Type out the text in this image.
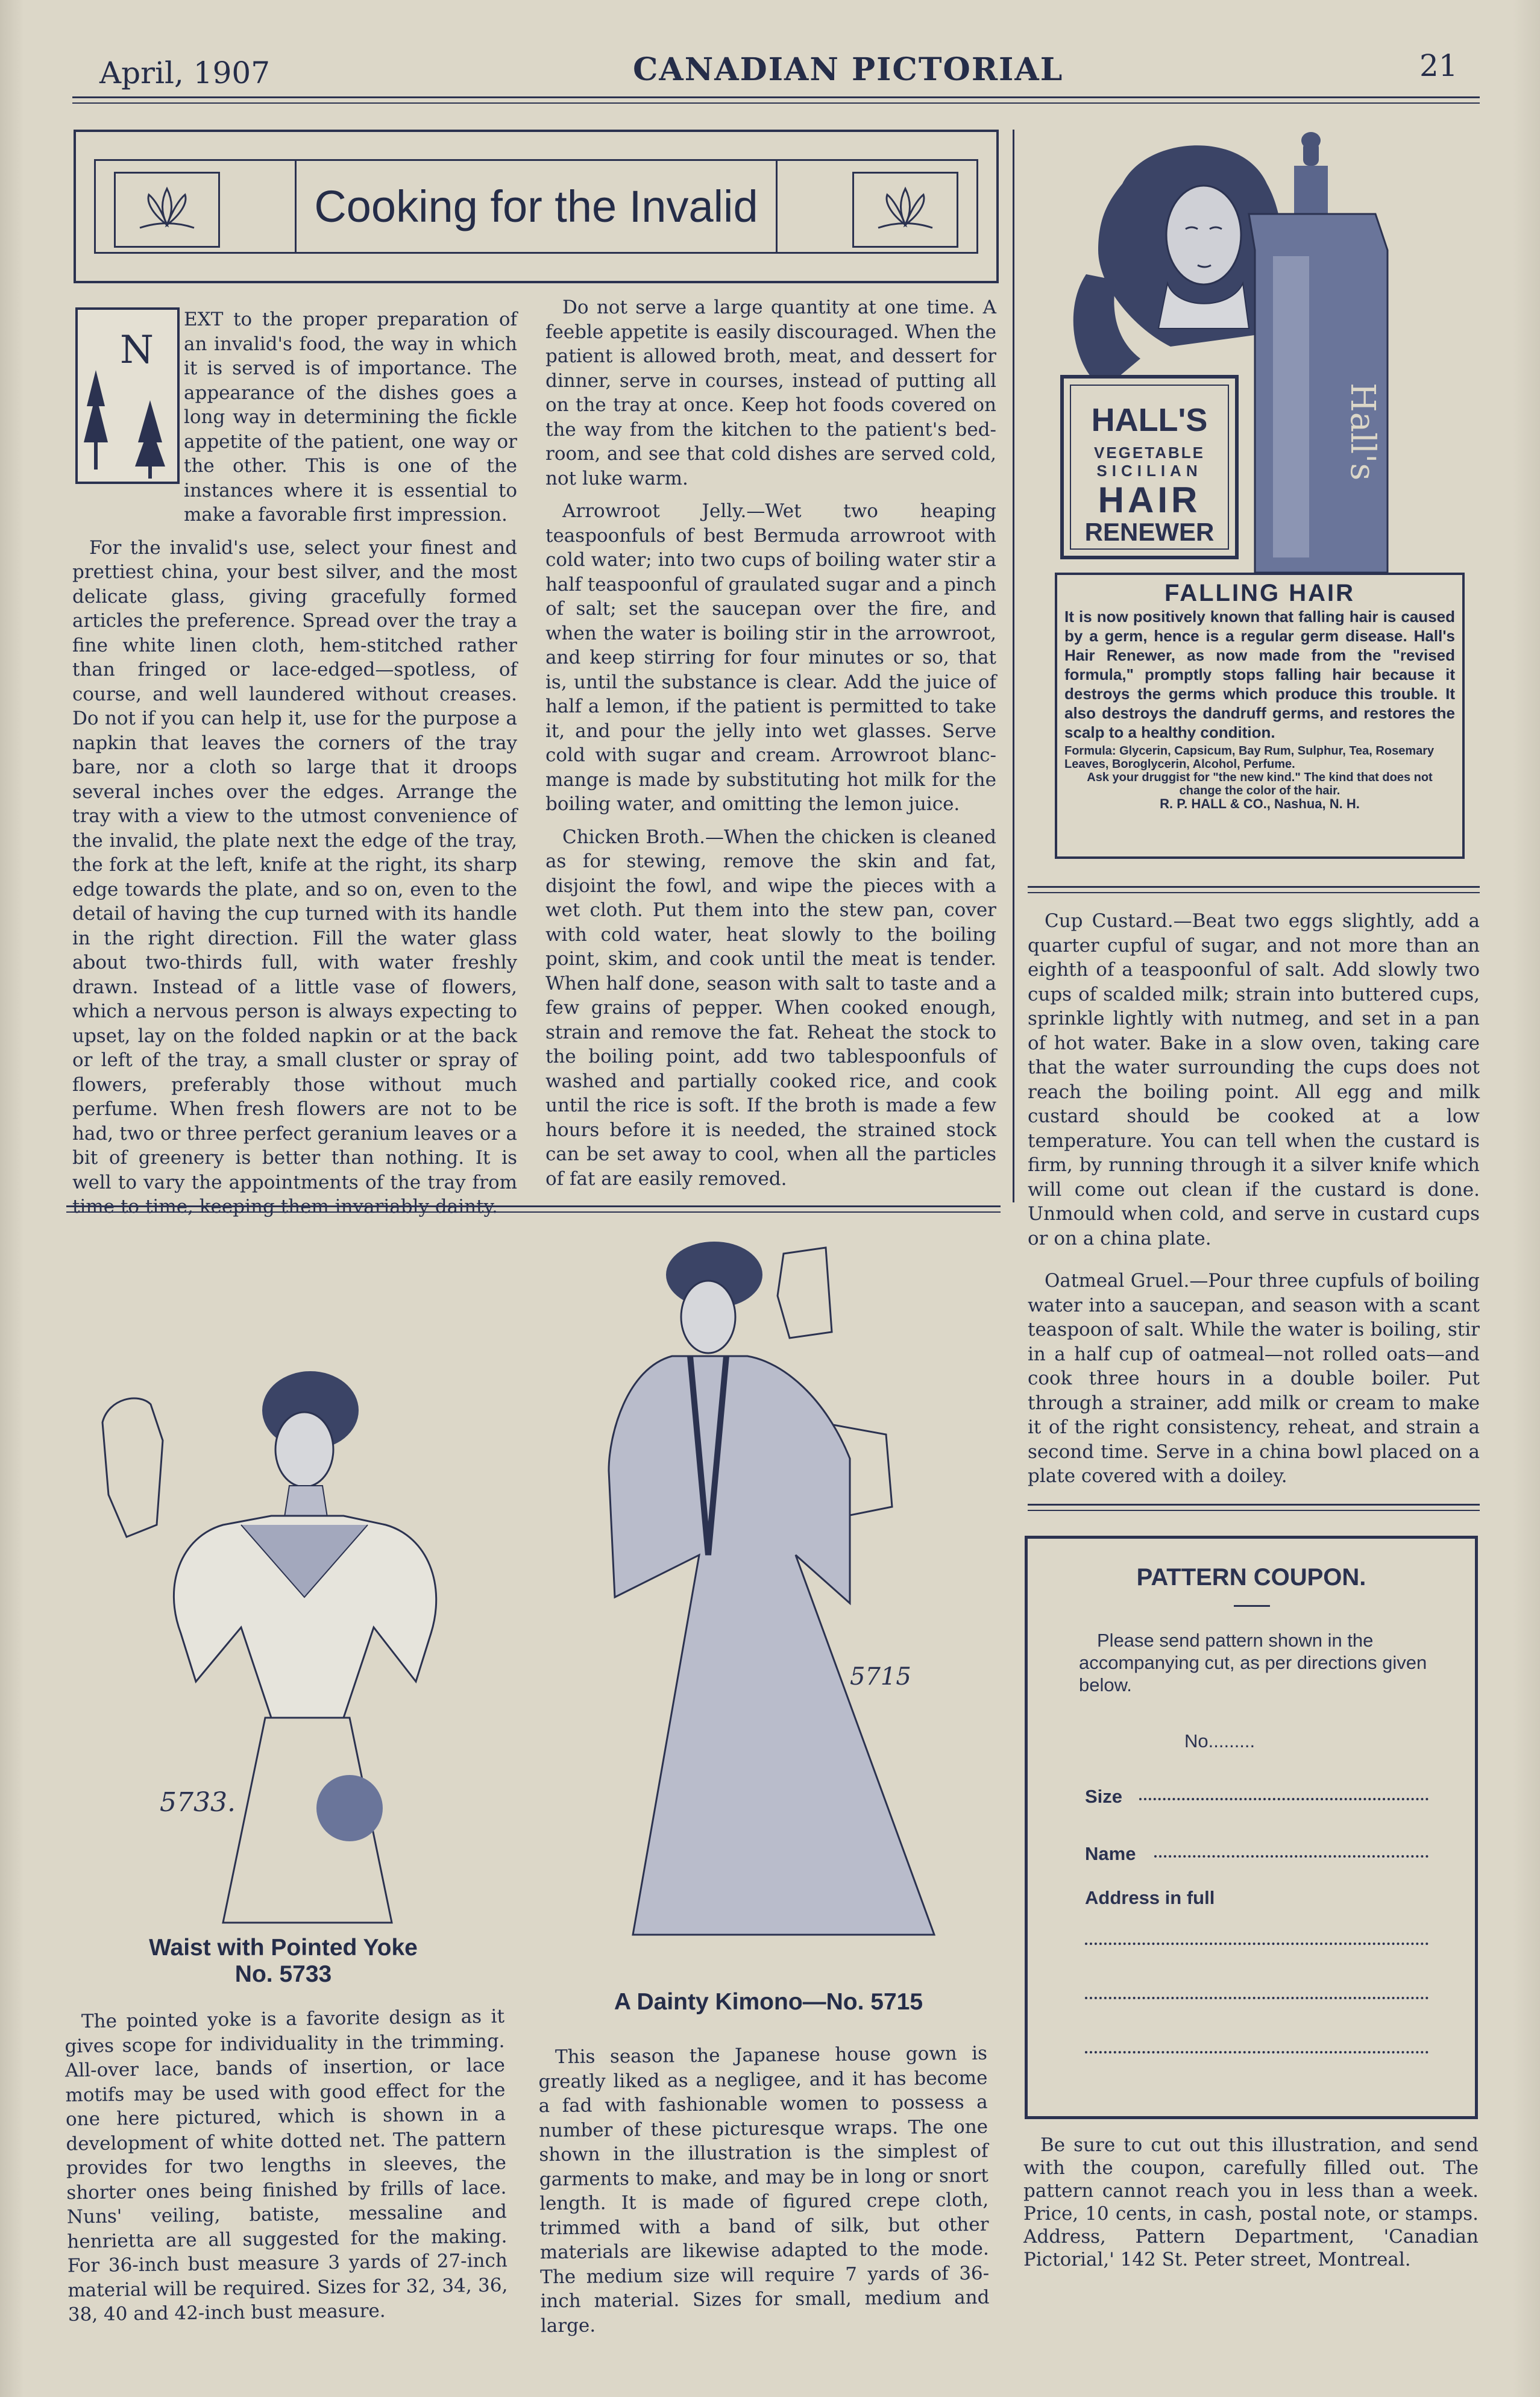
April, 1907	CANADIAN PICTORIAL	21
Cooking for the Invalid
N

EXT to the proper preparation of an invalid's food, the way in which it is served is of importance. The appearance of the dishes goes a long way in determining the fickle appetite of the patient, one way or the other. This is one of the instances where it is essential to make a favorable first impression.

For the invalid's use, select your finest and prettiest china, your best silver, and the most delicate glass, giving gracefully formed articles the preference. Spread over the tray a fine white linen cloth, hem-stitched rather than fringed or lace-edged—spotless, of course, and well laundered without creases. Do not if you can help it, use for the purpose a napkin that leaves the corners of the tray bare, nor a cloth so large that it droops several inches over the edges. Arrange the tray with a view to the utmost convenience of the invalid, the plate next the edge of the tray, the fork at the left, knife at the right, its sharp edge towards the plate, and so on, even to the detail of having the cup turned with its handle in the right direction. Fill the water glass about two-thirds full, with water freshly drawn. Instead of a little vase of flowers, which a nervous person is always expecting to upset, lay on the folded napkin or at the back or left of the tray, a small cluster or spray of flowers, preferably those without much perfume. When fresh flowers are not to be had, two or three perfect geranium leaves or a bit of greenery is better than nothing. It is well to vary the appointments of the tray from time to time, keeping them invariably dainty.

Do not serve a large quantity at one time. A feeble appetite is easily discouraged. When the patient is allowed broth, meat, and dessert for dinner, serve in courses, instead of putting all on the tray at once. Keep hot foods covered on the way from the kitchen to the patient's bed-room, and see that cold dishes are served cold, not luke warm.

Arrowroot Jelly.—Wet two heaping teaspoonfuls of best Bermuda arrowroot with cold water; into two cups of boiling water stir a half teaspoonful of graulated sugar and a pinch of salt; set the saucepan over the fire, and when the water is boiling stir in the arrowroot, and keep stirring for four minutes or so, that is, until the substance is clear. Add the juice of half a lemon, if the patient is permitted to take it, and pour the jelly into wet glasses. Serve cold with sugar and cream. Arrowroot blanc-mange is made by substituting hot milk for the boiling water, and omitting the lemon juice.

Chicken Broth.—When the chicken is cleaned as for stewing, remove the skin and fat, disjoint the fowl, and wipe the pieces with a wet cloth. Put them into the stew pan, cover with cold water, heat slowly to the boiling point, skim, and cook until the meat is tender. When half done, season with salt to taste and a few grains of pepper. When cooked enough, strain and remove the fat. Reheat the stock to the boiling point, add two tablespoonfuls of washed and partially cooked rice, and cook until the rice is soft. If the broth is made a few hours before it is needed, the strained stock can be set away to cool, when all the particles of fat are easily removed.

HALL'S
VEGETABLE
SICILIAN
HAIR
RENEWER
Hall's
FALLING HAIR
It is now positively known that falling hair is caused by a germ, hence is a regular germ disease. Hall's Hair Renewer, as now made from the "revised formula," promptly stops falling hair because it destroys the germs which produce this trouble. It also destroys the dandruff germs, and restores the scalp to a healthy condition.
Formula: Glycerin, Capsicum, Bay Rum, Sulphur, Tea, Rosemary Leaves, Boroglycerin, Alcohol, Perfume.
Ask your druggist for "the new kind." The kind that does not change the color of the hair.
R. P. HALL & CO., Nashua, N. H.

Cup Custard.—Beat two eggs slightly, add a quarter cupful of sugar, and not more than an eighth of a teaspoonful of salt. Add slowly two cups of scalded milk; strain into buttered cups, sprinkle lightly with nutmeg, and set in a pan of hot water. Bake in a slow oven, taking care that the water surrounding the cups does not reach the boiling point. All egg and milk custard should be cooked at a low temperature. You can tell when the custard is firm, by running through it a silver knife which will come out clean if the custard is done. Unmould when cold, and serve in custard cups or on a china plate.

Oatmeal Gruel.—Pour three cupfuls of boiling water into a saucepan, and season with a scant teaspoon of salt. While the water is boiling, stir in a half cup of oatmeal—not rolled oats—and cook three hours in a double boiler. Put through a strainer, add milk or cream to make it of the right consistency, reheat, and strain a second time. Serve in a china bowl placed on a plate covered with a doiley.

5733.
Waist with Pointed Yoke
No. 5733

The pointed yoke is a favorite design as it gives scope for individuality in the trimming. All-over lace, bands of insertion, or lace motifs may be used with good effect for the one here pictured, which is shown in a development of white dotted net. The pattern provides for two lengths in sleeves, the shorter ones being finished by frills of lace. Nuns' veiling, batiste, messaline and henrietta are all suggested for the making. For 36-inch bust measure 3 yards of 27-inch material will be required. Sizes for 32, 34, 36, 38, 40 and 42-inch bust measure.

5715
A Dainty Kimono—No. 5715

This season the Japanese house gown is greatly liked as a negligee, and it has become a fad with fashionable women to possess a number of these picturesque wraps. The one shown in the illustration is the simplest of garments to make, and may be in long or snort length. It is made of figured crepe cloth, trimmed with a band of silk, but other materials are likewise adapted to the mode. The medium size will require 7 yards of 36-inch material. Sizes for small, medium and large.

PATTERN COUPON.
Please send pattern shown in the accompanying cut, as per directions given below.
No.........
Size
Name
Address in full

Be sure to cut out this illustration, and send with the coupon, carefully filled out. The pattern cannot reach you in less than a week. Price, 10 cents, in cash, postal note, or stamps. Address, Pattern Department, 'Canadian Pictorial,' 142 St. Peter street, Montreal.
